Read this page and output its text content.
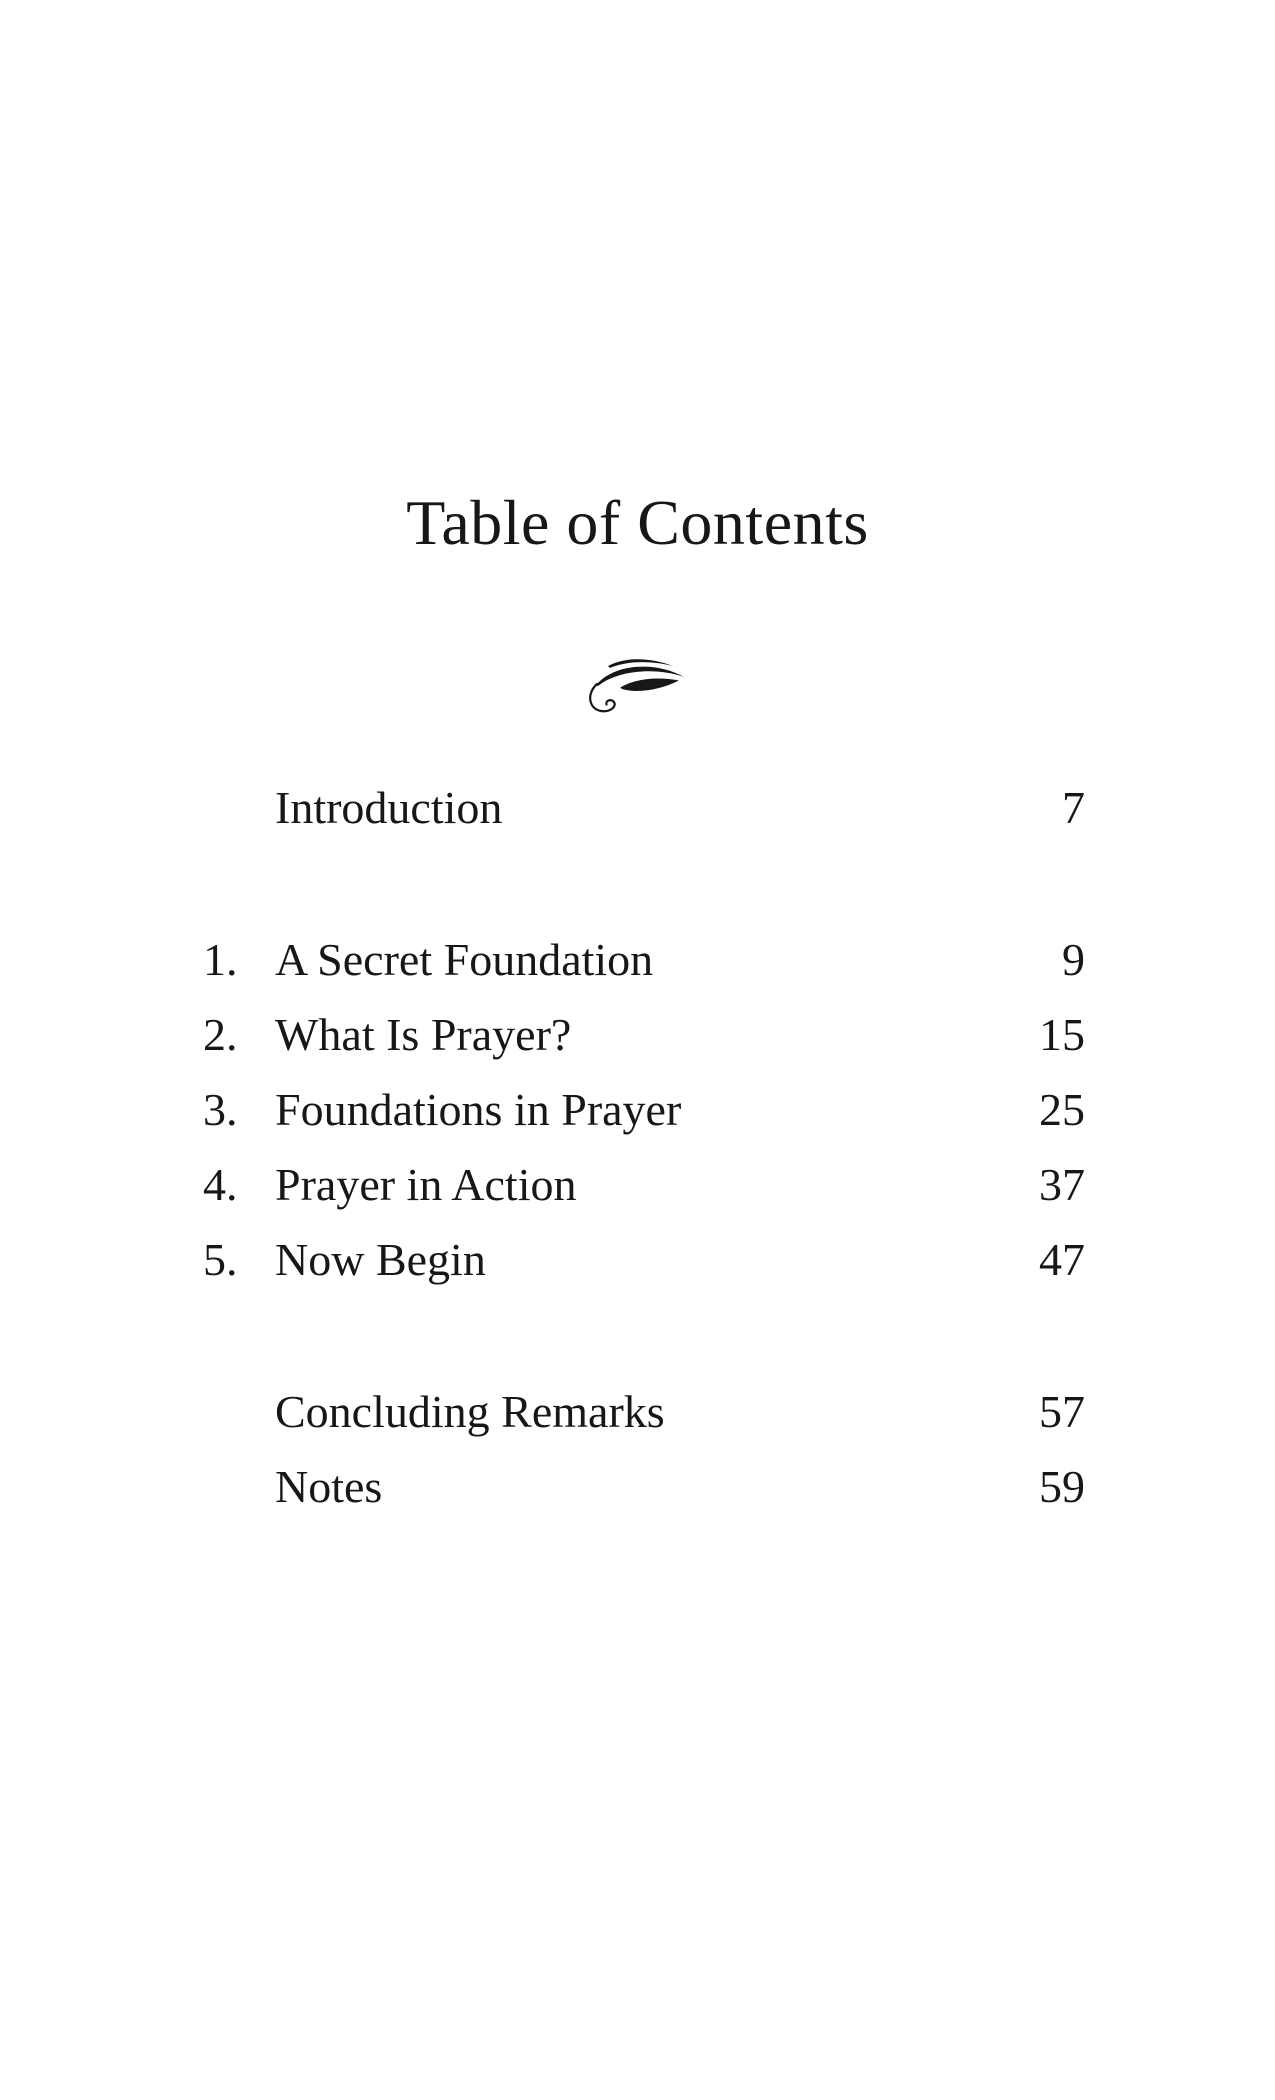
Table of Contents
Introduction	7
1. A Secret Foundation	9
2. What Is Prayer?	15
3. Foundations in Prayer	25
4. Prayer in Action	37
5. Now Begin	47
Concluding Remarks	57
Notes	59
